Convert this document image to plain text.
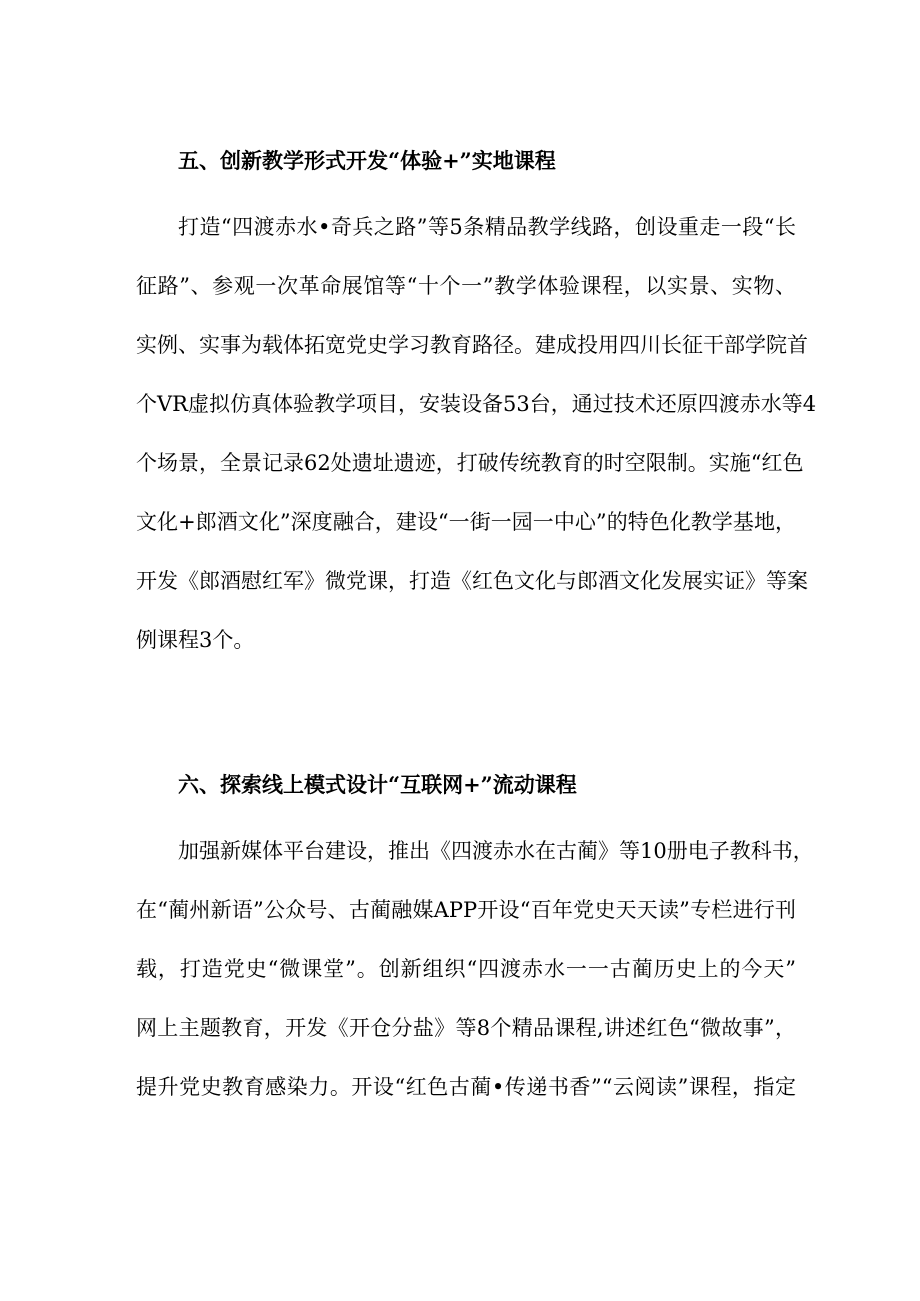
五、创新教学形式开发“体验+”实地课程

打造“四渡赤水•奇兵之路”等5条精品教学线路，创设重走一段“长

征路”、参观一次革命展馆等“十个一”教学体验课程，以实景、实物、

实例、实事为载体拓宽党史学习教育路径。建成投用四川长征干部学院首

个VR虚拟仿真体验教学项目，安装设备53台，通过技术还原四渡赤水等4

个场景，全景记录62处遗址遗迹，打破传统教育的时空限制。实施“红色

文化+郎酒文化”深度融合，建设“一街一园一中心”的特色化教学基地，

开发《郎酒慰红军》微党课，打造《红色文化与郎酒文化发展实证》等案

例课程3个。

六、探索线上模式设计“互联网+”流动课程

加强新媒体平台建设，推出《四渡赤水在古蔺》等10册电子教科书，

在“蔺州新语”公众号、古蔺融媒APP开设“百年党史天天读”专栏进行刊

载，打造党史“微课堂”。创新组织“四渡赤水一一古蔺历史上的今天”

网上主题教育，开发《开仓分盐》等8个精品课程,讲述红色“微故事”，

提升党史教育感染力。开设“红色古蔺•传递书香”“云阅读”课程，指定
